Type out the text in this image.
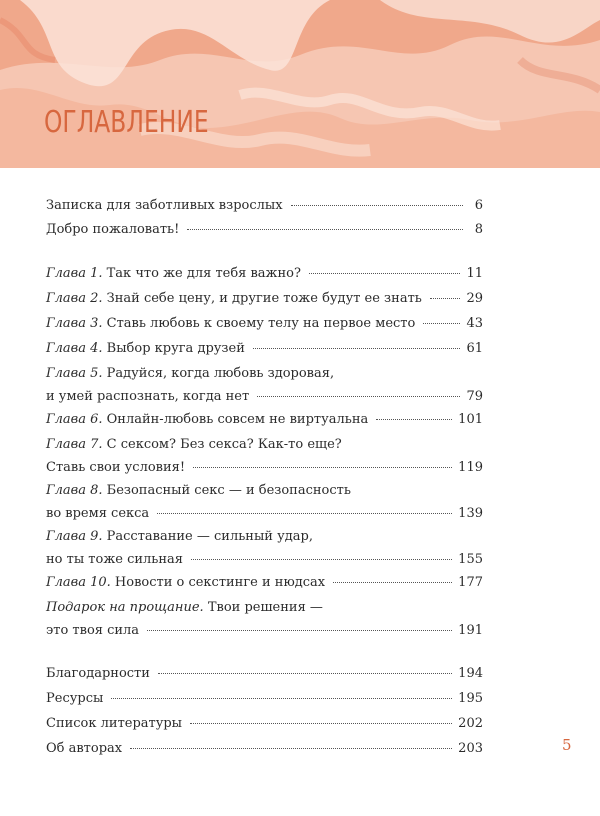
ОГЛАВЛЕНИЕ
Записка для заботливых взрослых	6
Добро пожаловать!	8
Глава 1. Так что же для тебя важно?	11
Глава 2. Знай себе цену, и другие тоже будут ее знать	29
Глава 3. Ставь любовь к своему телу на первое место	43
Глава 4. Выбор круга друзей	61
Глава 5. Радуйся, когда любовь здоровая,
и умей распознать, когда нет	79
Глава 6. Онлайн-любовь совсем не виртуальна	101
Глава 7. С сексом? Без секса? Как-то еще?
Ставь свои условия!	119
Глава 8. Безопасный секс — и безопасность
во время секса	139
Глава 9. Расставание — сильный удар,
но ты тоже сильная	155
Глава 10. Новости о секстинге и нюдсах	177
Подарок на прощание. Твои решения —
это твоя сила	191
Благодарности	194
Ресурсы	195
Список литературы	202
Об авторах	203	5
